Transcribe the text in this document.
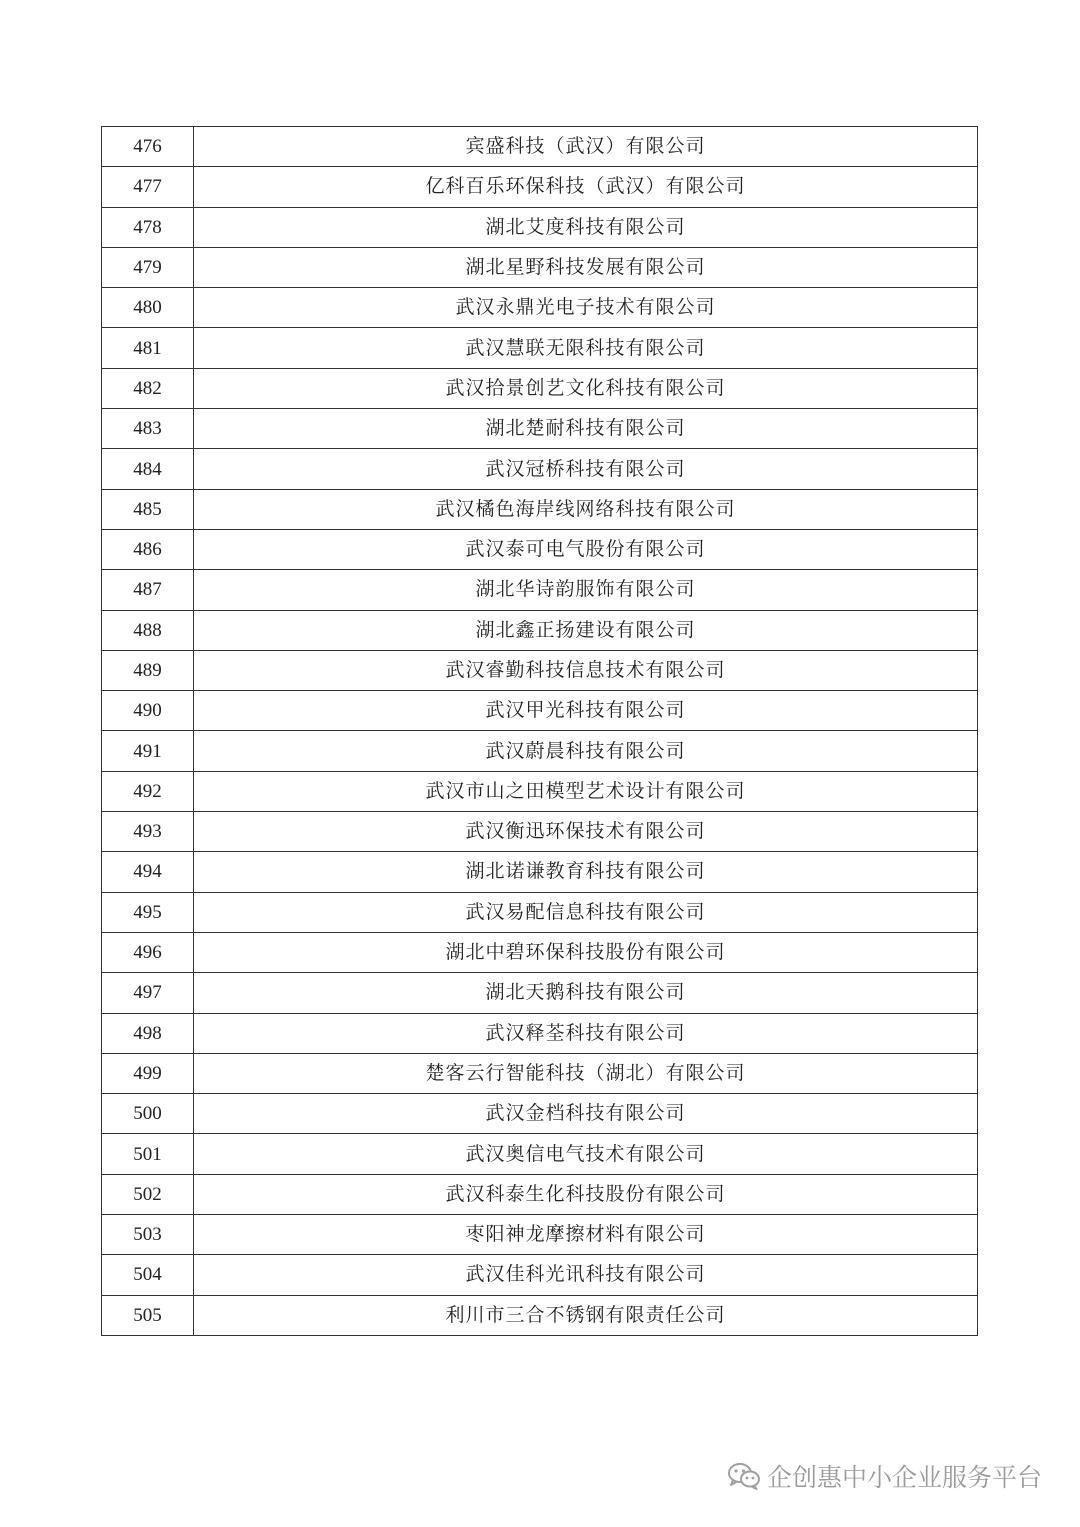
476	宾盛科技（武汉）有限公司
477	亿科百乐环保科技（武汉）有限公司
478	湖北艾度科技有限公司
479	湖北星野科技发展有限公司
480	武汉永鼎光电子技术有限公司
481	武汉慧联无限科技有限公司
482	武汉拾景创艺文化科技有限公司
483	湖北楚耐科技有限公司
484	武汉冠桥科技有限公司
485	武汉橘色海岸线网络科技有限公司
486	武汉泰可电气股份有限公司
487	湖北华诗韵服饰有限公司
488	湖北鑫正扬建设有限公司
489	武汉睿勤科技信息技术有限公司
490	武汉甲光科技有限公司
491	武汉蔚晨科技有限公司
492	武汉市山之田模型艺术设计有限公司
493	武汉衡迅环保技术有限公司
494	湖北诺谦教育科技有限公司
495	武汉易配信息科技有限公司
496	湖北中碧环保科技股份有限公司
497	湖北天鹅科技有限公司
498	武汉释荃科技有限公司
499	楚客云行智能科技（湖北）有限公司
500	武汉金档科技有限公司
501	武汉奥信电气技术有限公司
502	武汉科泰生化科技股份有限公司
503	枣阳神龙摩擦材料有限公司
504	武汉佳科光讯科技有限公司
505	利川市三合不锈钢有限责任公司
企创惠中小企业服务平台
